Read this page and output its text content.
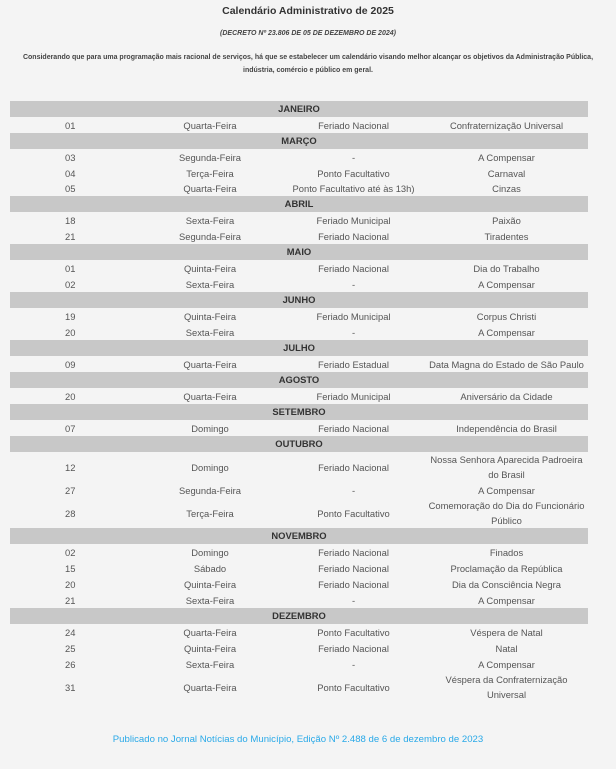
Calendário Administrativo de 2025
(DECRETO Nº 23.806 DE 05 DE DEZEMBRO DE 2024)
Considerando que para uma programação mais racional de serviços, há que se estabelecer um calendário visando melhor alcançar os objetivos da Administração Pública, indústria, comércio e público em geral.
JANEIRO			
01	Quarta-Feira	Feriado Nacional	Confraternização Universal
MARÇO			
03	Segunda-Feira	-	A Compensar
04	Terça-Feira	Ponto Facultativo	Carnaval
05	Quarta-Feira	Ponto Facultativo até às 13h)	Cinzas
ABRIL			
18	Sexta-Feira	Feriado Municipal	Paixão
21	Segunda-Feira	Feriado Nacional	Tiradentes
MAIO			
01	Quinta-Feira	Feriado Nacional	Dia do Trabalho
02	Sexta-Feira	-	A Compensar
JUNHO			
19	Quinta-Feira	Feriado Municipal	Corpus Christi
20	Sexta-Feira	-	A Compensar
JULHO			
09	Quarta-Feira	Feriado Estadual	Data Magna do Estado de São Paulo
AGOSTO			
20	Quarta-Feira	Feriado Municipal	Aniversário da Cidade
SETEMBRO			
07	Domingo	Feriado Nacional	Independência do Brasil
OUTUBRO			
12	Domingo	Feriado Nacional	Nossa Senhora Aparecida Padroeira do Brasil
27	Segunda-Feira	-	A Compensar
28	Terça-Feira	Ponto Facultativo	Comemoração do Dia do Funcionário Público
NOVEMBRO			
02	Domingo	Feriado Nacional	Finados
15	Sábado	Feriado Nacional	Proclamação da República
20	Quinta-Feira	Feriado Nacional	Dia da Consciência Negra
21	Sexta-Feira	-	A Compensar
DEZEMBRO			
24	Quarta-Feira	Ponto Facultativo	Véspera de Natal
25	Quinta-Feira	Feriado Nacional	Natal
26	Sexta-Feira	-	A Compensar
31	Quarta-Feira	Ponto Facultativo	Véspera da Confraternização Universal
Publicado no Jornal Notícias do Município, Edição Nº 2.488 de 6 de dezembro de 2023
